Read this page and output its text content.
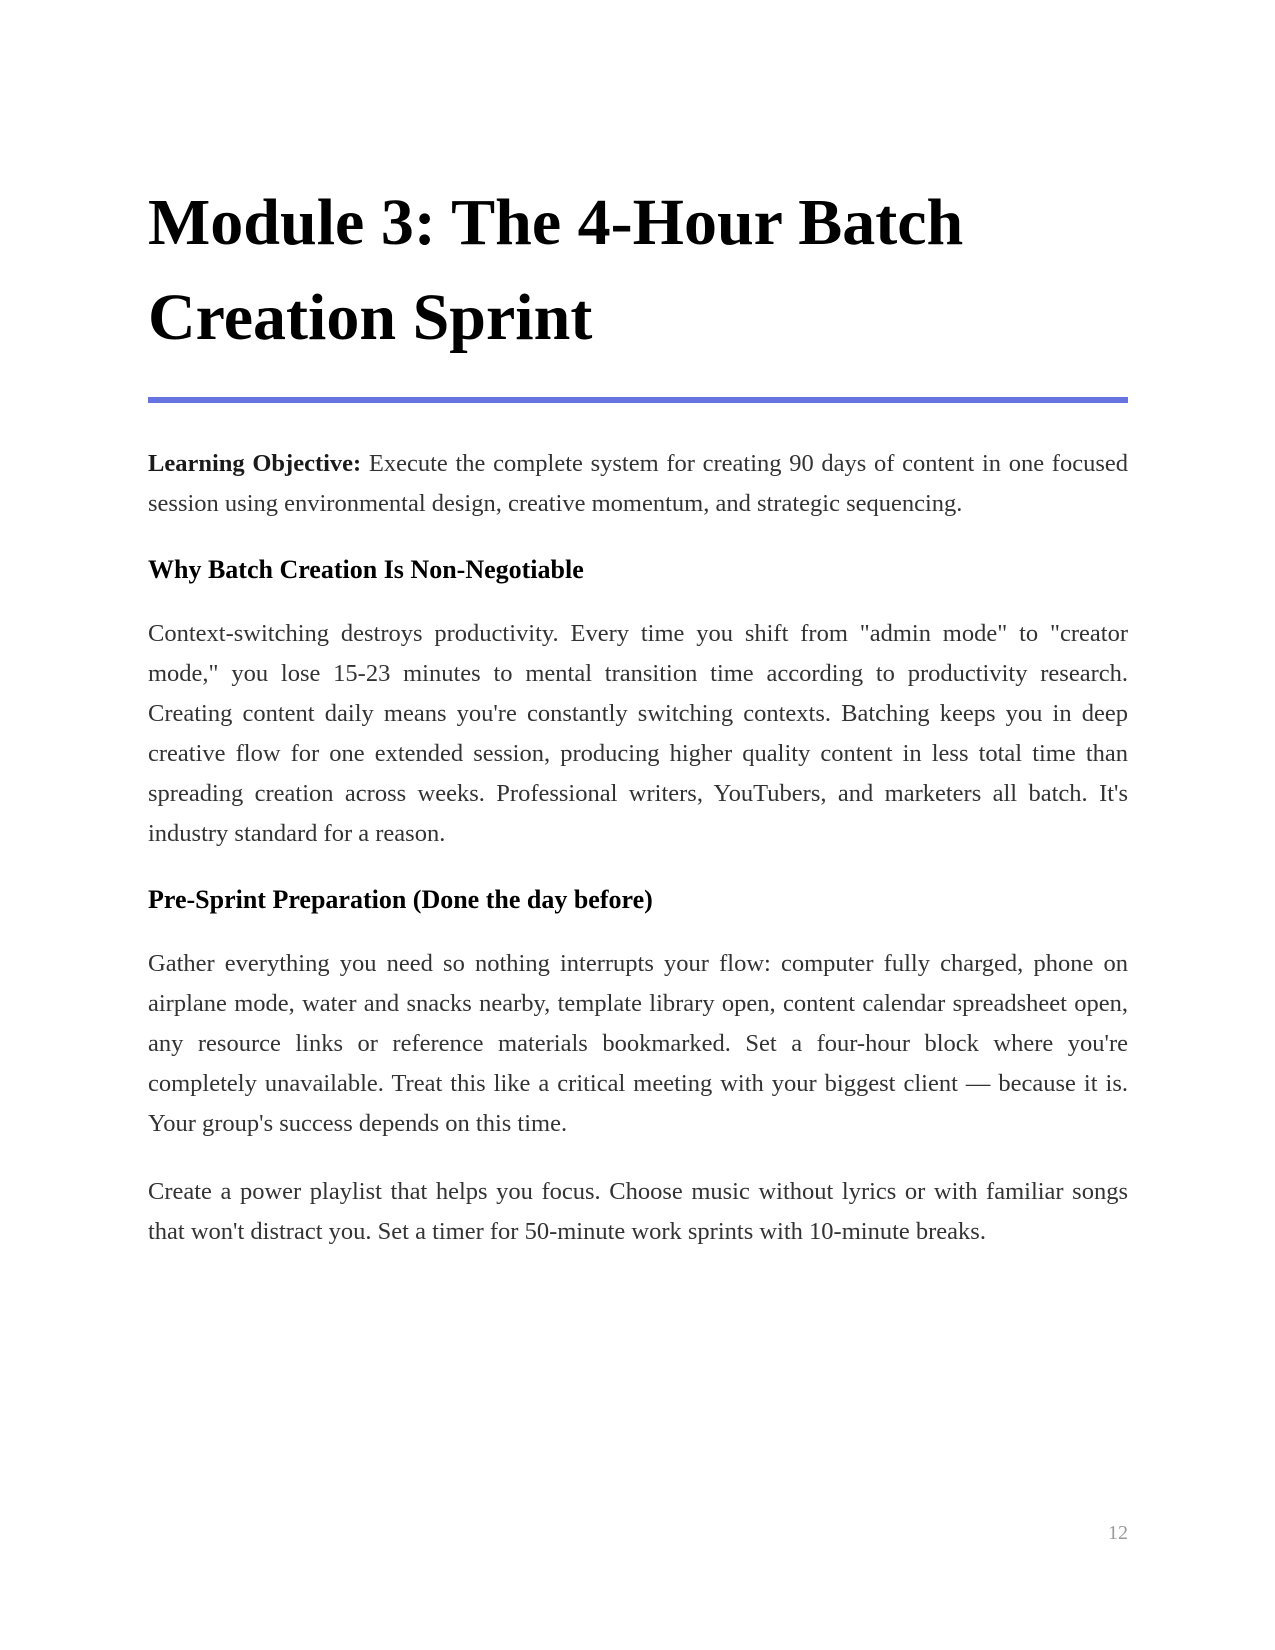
Module 3: The 4-Hour Batch Creation Sprint

Learning Objective: Execute the complete system for creating 90 days of content in one focused session using environmental design, creative momentum, and strategic sequencing.

Why Batch Creation Is Non-Negotiable

Context-switching destroys productivity. Every time you shift from "admin mode" to "creator mode," you lose 15-23 minutes to mental transition time according to productivity research. Creating content daily means you're constantly switching contexts. Batching keeps you in deep creative flow for one extended session, producing higher quality content in less total time than spreading creation across weeks. Professional writers, YouTubers, and marketers all batch. It's industry standard for a reason.

Pre-Sprint Preparation (Done the day before)

Gather everything you need so nothing interrupts your flow: computer fully charged, phone on airplane mode, water and snacks nearby, template library open, content calendar spreadsheet open, any resource links or reference materials bookmarked. Set a four-hour block where you're completely unavailable. Treat this like a critical meeting with your biggest client — because it is. Your group's success depends on this time.

Create a power playlist that helps you focus. Choose music without lyrics or with familiar songs that won't distract you. Set a timer for 50-minute work sprints with 10-minute breaks.

12
